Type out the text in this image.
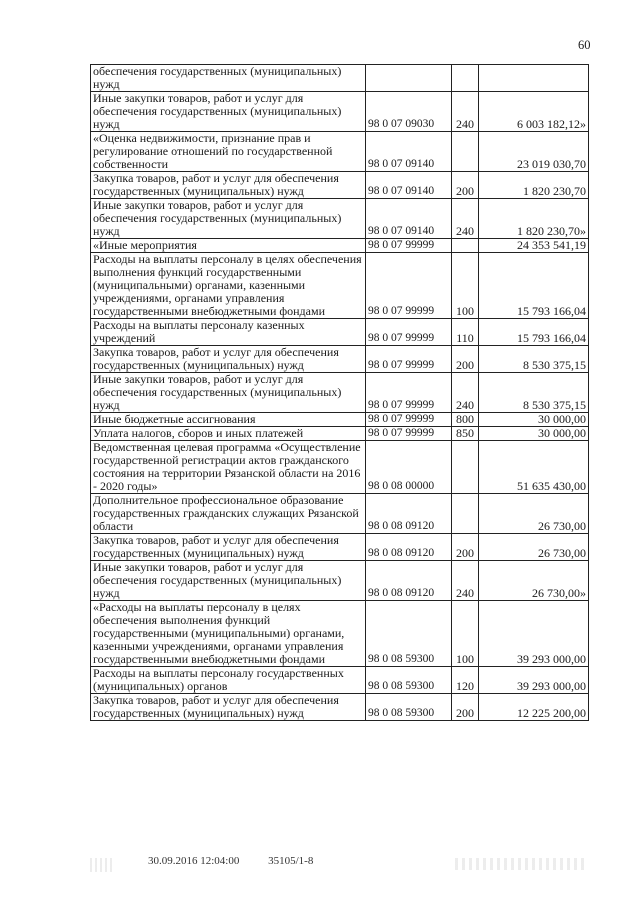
60
обеспечения государственных (муниципальных) нужд			
Иные закупки товаров, работ и услуг для обеспечения государственных (муниципальных) нужд	98 0 07 09030	240	6 003 182,12»
«Оценка недвижимости, признание прав и регулирование отношений по государственной собственности	98 0 07 09140		23 019 030,70
Закупка товаров, работ и услуг для обеспечения государственных (муниципальных) нужд	98 0 07 09140	200	1 820 230,70
Иные закупки товаров, работ и услуг для обеспечения государственных (муниципальных) нужд	98 0 07 09140	240	1 820 230,70»
«Иные мероприятия	98 0 07 99999		24 353 541,19
Расходы на выплаты персоналу в целях обеспечения выполнения функций государственными (муниципальными) органами, казенными учреждениями, органами управления государственными внебюджетными фондами	98 0 07 99999	100	15 793 166,04
Расходы на выплаты персоналу казенных учреждений	98 0 07 99999	110	15 793 166,04
Закупка товаров, работ и услуг для обеспечения государственных (муниципальных) нужд	98 0 07 99999	200	8 530 375,15
Иные закупки товаров, работ и услуг для обеспечения государственных (муниципальных) нужд	98 0 07 99999	240	8 530 375,15
Иные бюджетные ассигнования	98 0 07 99999	800	30 000,00
Уплата налогов, сборов и иных платежей	98 0 07 99999	850	30 000,00
Ведомственная целевая программа «Осуществление государственной регистрации актов гражданского состояния на территории Рязанской области на 2016 - 2020 годы»	98 0 08 00000		51 635 430,00
Дополнительное профессиональное образование государственных гражданских служащих Рязанской области	98 0 08 09120		26 730,00
Закупка товаров, работ и услуг для обеспечения государственных (муниципальных) нужд	98 0 08 09120	200	26 730,00
Иные закупки товаров, работ и услуг для обеспечения государственных (муниципальных) нужд	98 0 08 09120	240	26 730,00»
«Расходы на выплаты персоналу в целях обеспечения выполнения функций государственными (муниципальными) органами, казенными учреждениями, органами управления государственными внебюджетными фондами	98 0 08 59300	100	39 293 000,00
Расходы на выплаты персоналу государственных (муниципальных) органов	98 0 08 59300	120	39 293 000,00
Закупка товаров, работ и услуг для обеспечения государственных (муниципальных) нужд	98 0 08 59300	200	12 225 200,00
30.09.2016 12:04:00	35105/1-8
